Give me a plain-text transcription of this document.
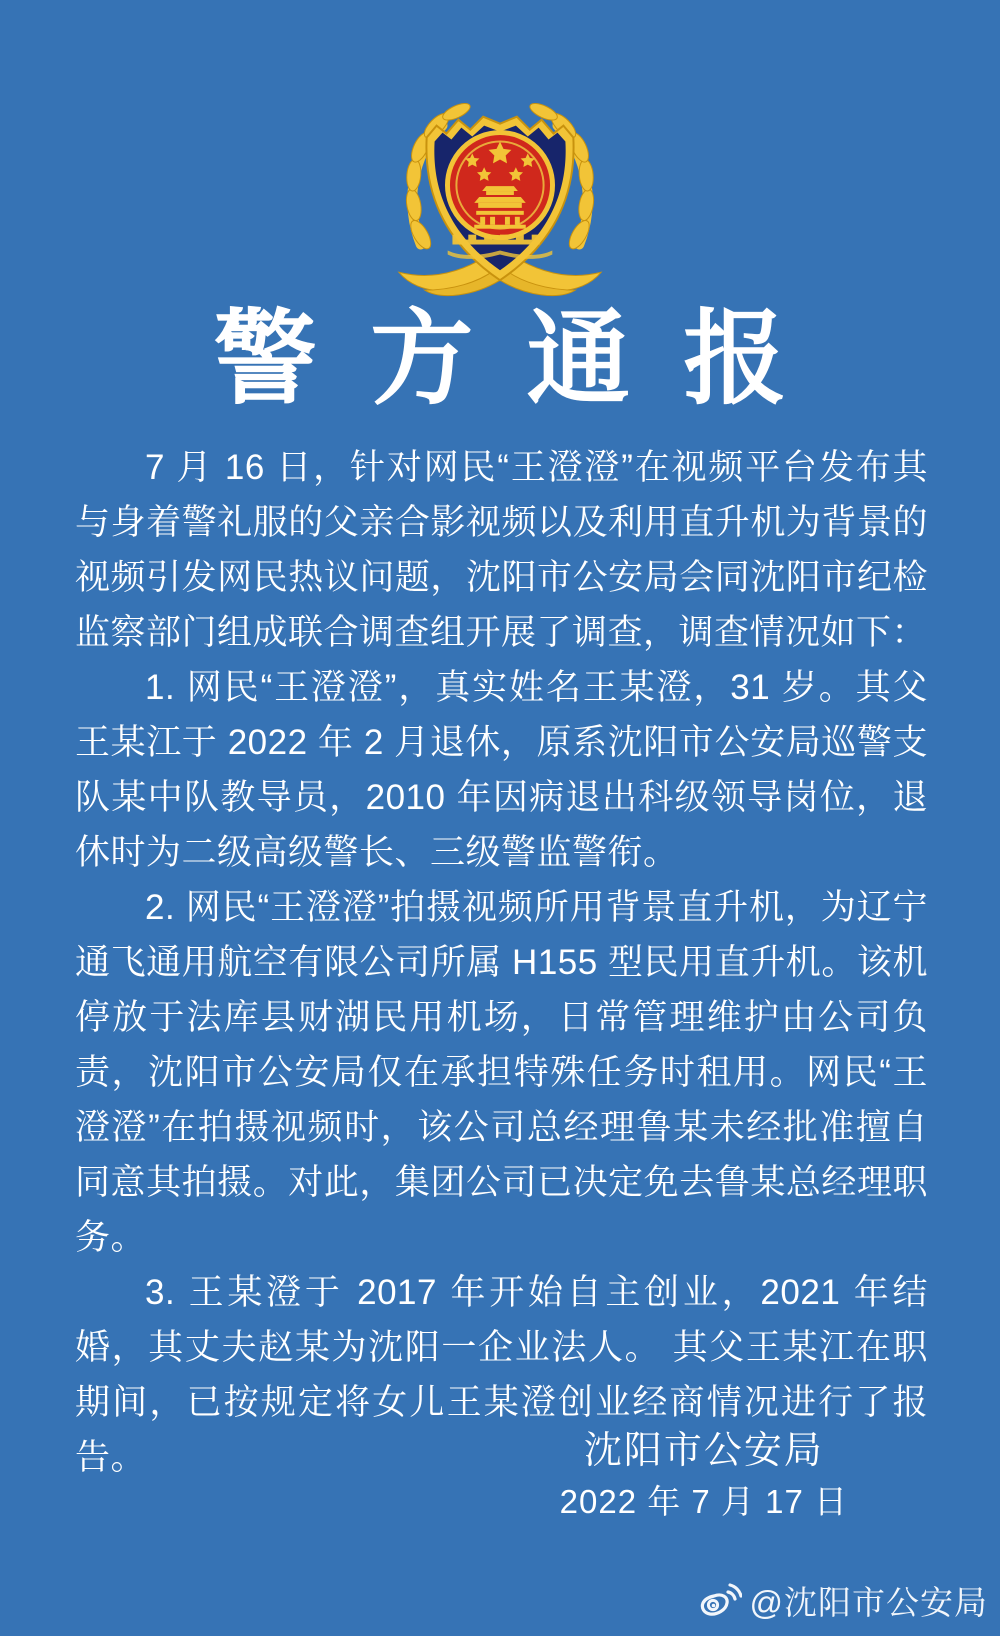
警方通报

7 月 16 日，针对网民“王澄澄”在视频平台发布其与身着警礼服的父亲合影视频以及利用直升机为背景的视频引发网民热议问题，沈阳市公安局会同沈阳市纪检监察部门组成联合调查组开展了调查，调查情况如下：

1. 网民“王澄澄”，真实姓名王某澄，31 岁。其父王某江于 2022 年 2 月退休，原系沈阳市公安局巡警支队某中队教导员，2010 年因病退出科级领导岗位，退休时为二级高级警长、三级警监警衔。

2. 网民“王澄澄”拍摄视频所用背景直升机，为辽宁通飞通用航空有限公司所属 H155 型民用直升机。该机停放于法库县财湖民用机场，日常管理维护由公司负责，沈阳市公安局仅在承担特殊任务时租用。网民“王澄澄”在拍摄视频时，该公司总经理鲁某未经批准擅自同意其拍摄。对此，集团公司已决定免去鲁某总经理职务。

3. 王某澄于 2017 年开始自主创业，2021 年结婚，其丈夫赵某为沈阳一企业法人。 其父王某江在职期间，已按规定将女儿王某澄创业经商情况进行了报告。	沈阳市公安局
2022 年 7 月 17 日
@沈阳市公安局
